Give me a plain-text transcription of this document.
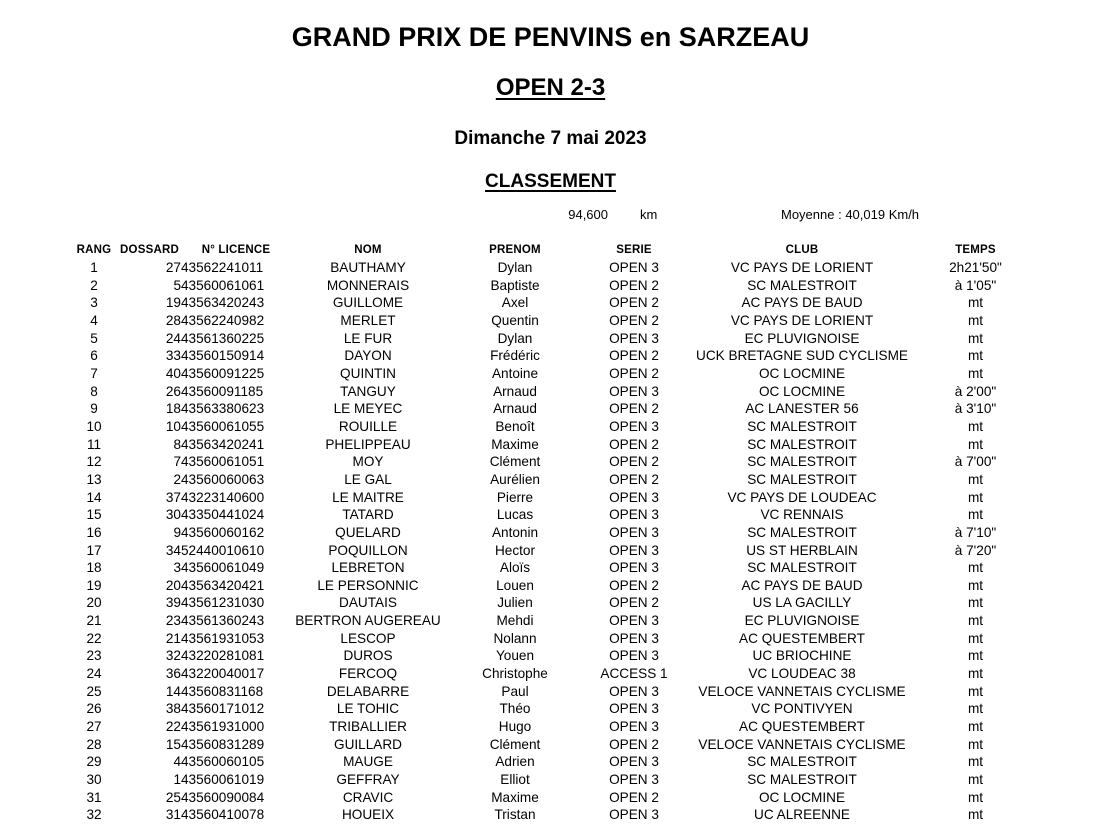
GRAND PRIX DE PENVINS en SARZEAU
OPEN 2-3
Dimanche 7 mai 2023
CLASSEMENT
94,600 km	Moyenne : 40,019 Km/h
RANG	DOSSARD	N° LICENCE	NOM	PRENOM	SERIE	CLUB	TEMPS
1	27	43562241011	BAUTHAMY	Dylan	OPEN 3	VC PAYS DE LORIENT	2h21'50"
2	5	43560061061	MONNERAIS	Baptiste	OPEN 2	SC MALESTROIT	à 1'05"
3	19	43563420243	GUILLOME	Axel	OPEN 2	AC PAYS DE BAUD	mt
4	28	43562240982	MERLET	Quentin	OPEN 2	VC PAYS DE LORIENT	mt
5	24	43561360225	LE FUR	Dylan	OPEN 3	EC PLUVIGNOISE	mt
6	33	43560150914	DAYON	Frédéric	OPEN 2	UCK BRETAGNE SUD CYCLISME	mt
7	40	43560091225	QUINTIN	Antoine	OPEN 2	OC LOCMINE	mt
8	26	43560091185	TANGUY	Arnaud	OPEN 3	OC LOCMINE	à 2'00"
9	18	43563380623	LE MEYEC	Arnaud	OPEN 2	AC LANESTER 56	à 3'10"
10	10	43560061055	ROUILLE	Benoît	OPEN 3	SC MALESTROIT	mt
11	8	43563420241	PHELIPPEAU	Maxime	OPEN 2	SC MALESTROIT	mt
12	7	43560061051	MOY	Clément	OPEN 2	SC MALESTROIT	à 7'00"
13	2	43560060063	LE GAL	Aurélien	OPEN 2	SC MALESTROIT	mt
14	37	43223140600	LE MAITRE	Pierre	OPEN 3	VC PAYS DE LOUDEAC	mt
15	30	43350441024	TATARD	Lucas	OPEN 3	VC RENNAIS	mt
16	9	43560060162	QUELARD	Antonin	OPEN 3	SC MALESTROIT	à 7'10"
17	34	52440010610	POQUILLON	Hector	OPEN 3	US ST HERBLAIN	à 7'20"
18	3	43560061049	LEBRETON	Aloïs	OPEN 3	SC MALESTROIT	mt
19	20	43563420421	LE PERSONNIC	Louen	OPEN 2	AC PAYS DE BAUD	mt
20	39	43561231030	DAUTAIS	Julien	OPEN 2	US LA GACILLY	mt
21	23	43561360243	BERTRON AUGEREAU	Mehdi	OPEN 3	EC PLUVIGNOISE	mt
22	21	43561931053	LESCOP	Nolann	OPEN 3	AC QUESTEMBERT	mt
23	32	43220281081	DUROS	Youen	OPEN 3	UC BRIOCHINE	mt
24	36	43220040017	FERCOQ	Christophe	ACCESS 1	VC LOUDEAC 38	mt
25	14	43560831168	DELABARRE	Paul	OPEN 3	VELOCE VANNETAIS CYCLISME	mt
26	38	43560171012	LE TOHIC	Théo	OPEN 3	VC PONTIVYEN	mt
27	22	43561931000	TRIBALLIER	Hugo	OPEN 3	AC QUESTEMBERT	mt
28	15	43560831289	GUILLARD	Clément	OPEN 2	VELOCE VANNETAIS CYCLISME	mt
29	4	43560060105	MAUGE	Adrien	OPEN 3	SC MALESTROIT	mt
30	1	43560061019	GEFFRAY	Elliot	OPEN 3	SC MALESTROIT	mt
31	25	43560090084	CRAVIC	Maxime	OPEN 2	OC LOCMINE	mt
32	31	43560410078	HOUEIX	Tristan	OPEN 3	UC ALREENNE	mt
